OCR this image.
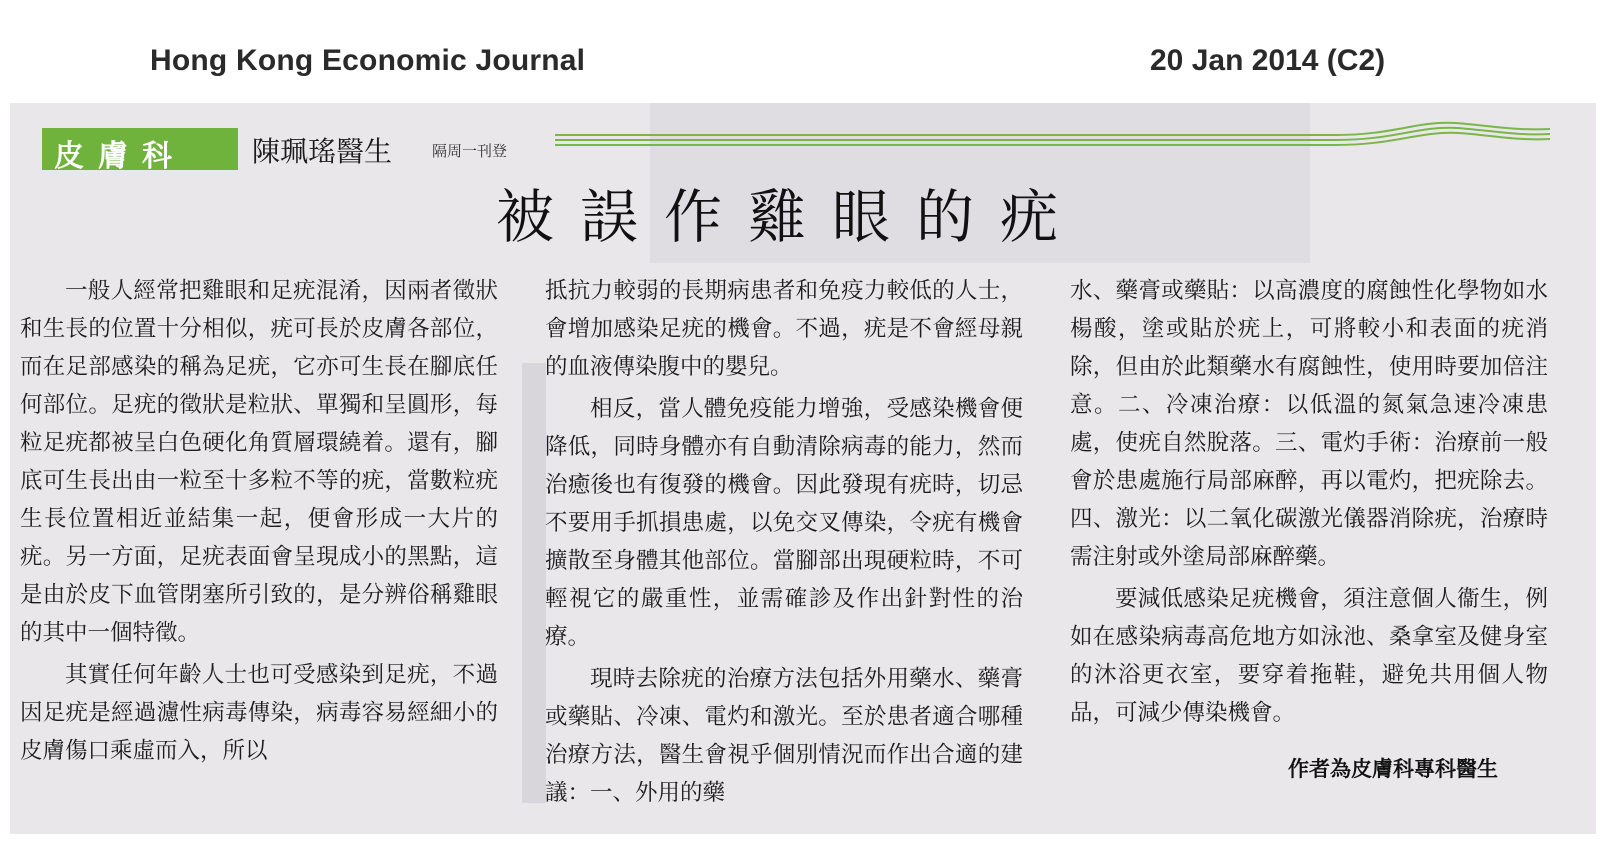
Hong Kong Economic Journal	20 Jan 2014 (C2)
皮膚科 陳珮瑤醫生	隔周一刊登
被誤作雞眼的疣

一般人經常把雞眼和足疣混淆，因兩者徵狀和生長的位置十分相似，疣可長於皮膚各部位，而在足部感染的稱為足疣，它亦可生長在腳底任何部位。足疣的徵狀是粒狀、單獨和呈圓形，每粒足疣都被呈白色硬化角質層環繞着。還有，腳底可生長出由一粒至十多粒不等的疣，當數粒疣生長位置相近並結集一起，便會形成一大片的疣。另一方面，足疣表面會呈現成小的黑點，這是由於皮下血管閉塞所引致的，是分辨俗稱雞眼的其中一個特徵。

其實任何年齡人士也可受感染到足疣，不過因足疣是經過濾性病毒傳染，病毒容易經細小的皮膚傷口乘虛而入，所以

抵抗力較弱的長期病患者和免疫力較低的人士，會增加感染足疣的機會。不過，疣是不會經母親的血液傳染腹中的嬰兒。

相反，當人體免疫能力增強，受感染機會便降低，同時身體亦有自動清除病毒的能力，然而治癒後也有復發的機會。因此發現有疣時，切忌不要用手抓損患處，以免交叉傳染，令疣有機會擴散至身體其他部位。當腳部出現硬粒時，不可輕視它的嚴重性，並需確診及作出針對性的治療。

現時去除疣的治療方法包括外用藥水、藥膏或藥貼、冷凍、電灼和激光。至於患者適合哪種治療方法，醫生會視乎個別情況而作出合適的建議：一、外用的藥

水、藥膏或藥貼：以高濃度的腐蝕性化學物如水楊酸，塗或貼於疣上，可將較小和表面的疣消除，但由於此類藥水有腐蝕性，使用時要加倍注意。二、冷凍治療：以低溫的氮氣急速冷凍患處，使疣自然脫落。三、電灼手術：治療前一般會於患處施行局部麻醉，再以電灼，把疣除去。四、激光：以二氧化碳激光儀器消除疣，治療時需注射或外塗局部麻醉藥。

要減低感染足疣機會，須注意個人衞生，例如在感染病毒高危地方如泳池、桑拿室及健身室的沐浴更衣室，要穿着拖鞋，避免共用個人物品，可減少傳染機會。

作者為皮膚科專科醫生
